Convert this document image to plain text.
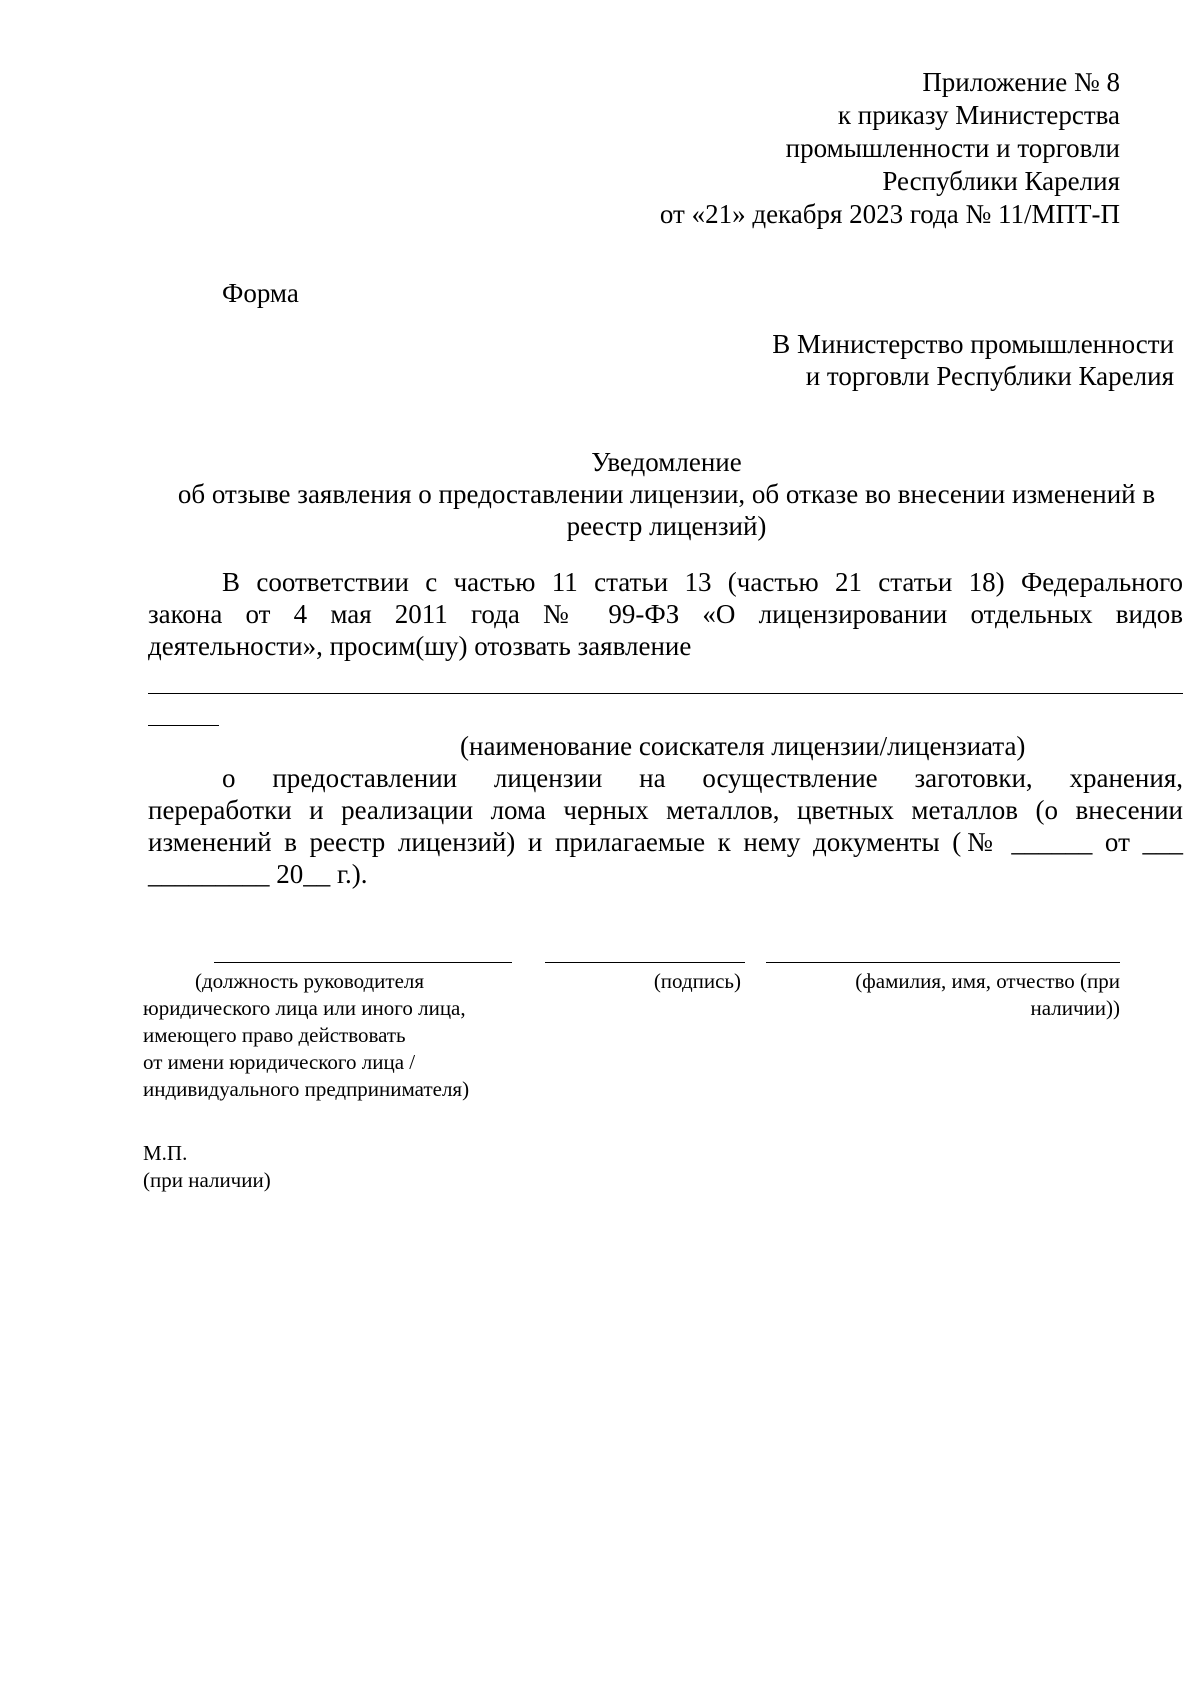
Приложение № 8
к приказу Министерства
промышленности и торговли
Республики Карелия
от «21» декабря 2023 года № 11/МПТ-П
Форма
В Министерство промышленности
и торговли Республики Карелия
Уведомление
об отзыве заявления о предоставлении лицензии, об отказе во внесении изменений в
реестр лицензий)
В соответствии с частью 11 статьи 13 (частью 21 статьи 18) Федерального
закона от 4 мая 2011 года № 99-ФЗ «О лицензировании отдельных видов
деятельности», просим(шу) отозвать заявление
(наименование соискателя лицензии/лицензиата)
о предоставлении лицензии на осуществление заготовки, хранения,
переработки и реализации лома черных металлов, цветных металлов (о внесении
изменений в реестр лицензий) и прилагаемые к нему документы (№ ______ от ___
_________ 20__ г.).
(должность руководителя
юридического лица или иного лица,
имеющего право действовать
от имени юридического лица /
индивидуального предпринимателя)
(подпись)	(фамилия, имя, отчество (при
наличии))
М.П.
(при наличии)
